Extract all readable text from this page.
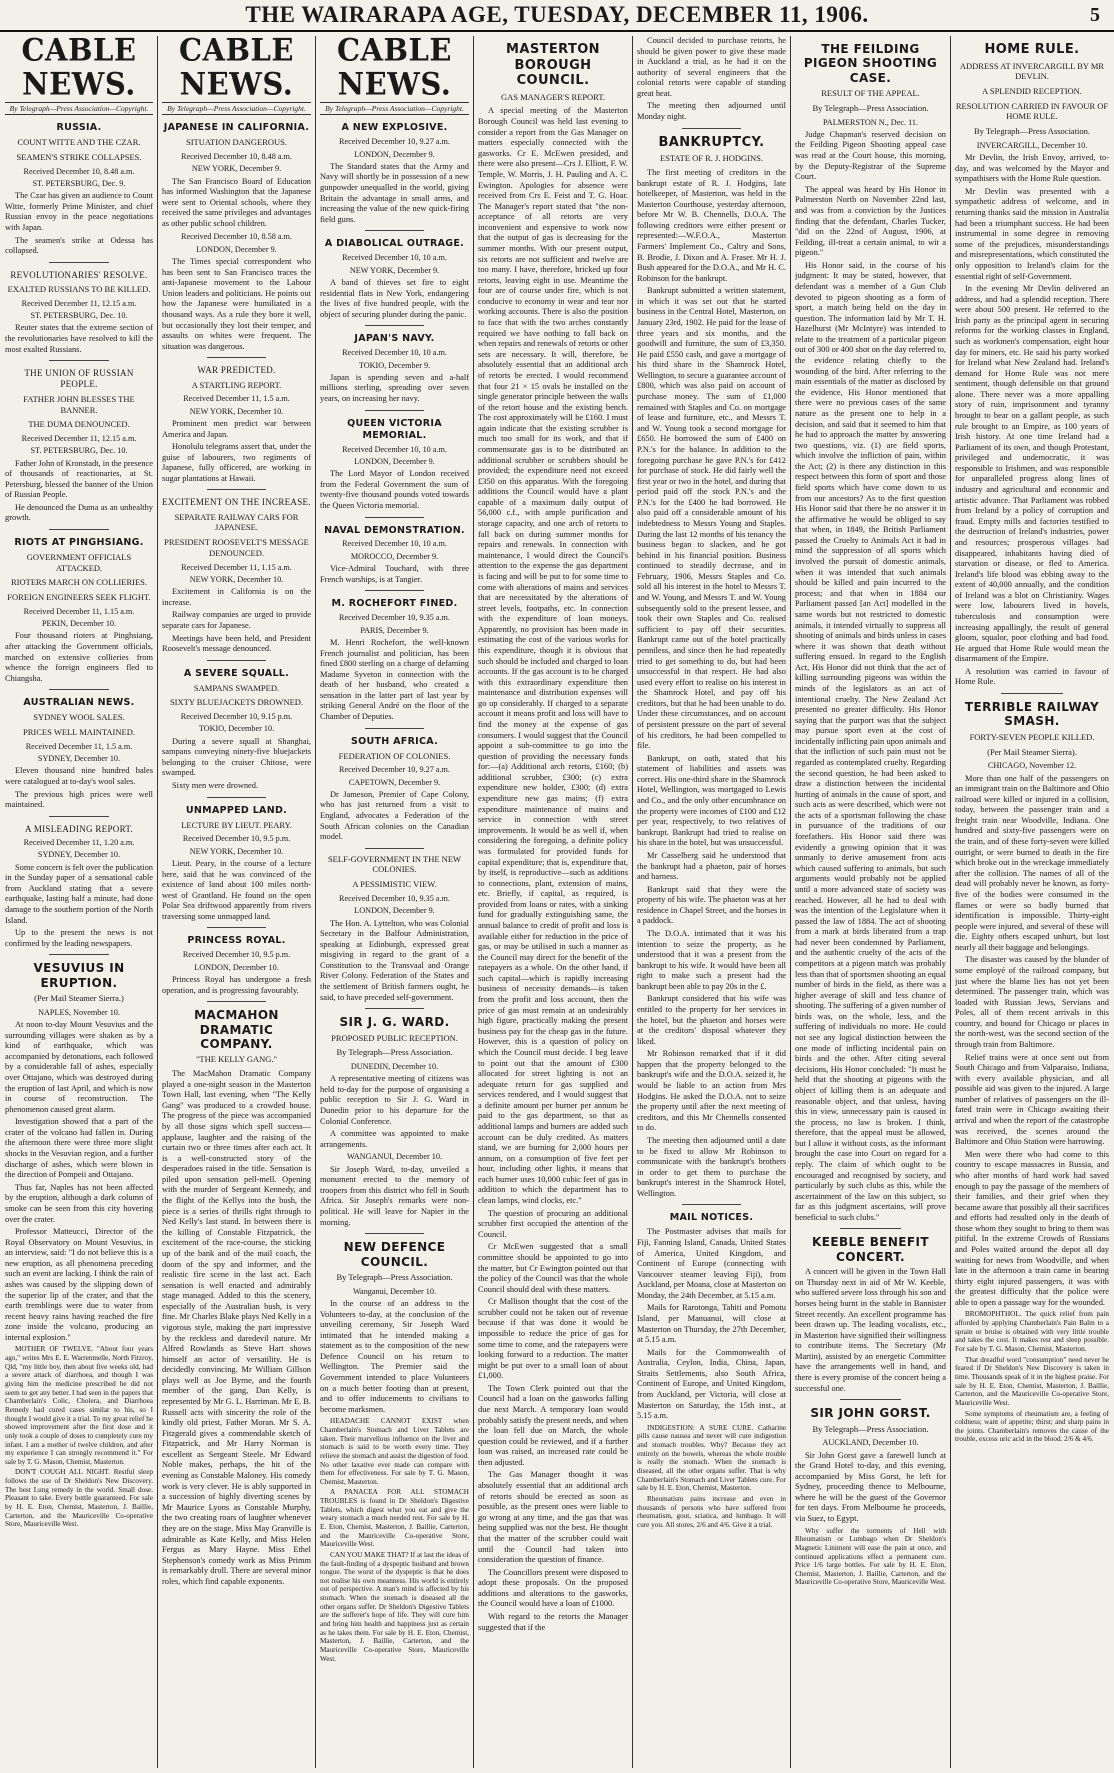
THE WAIRARAPA AGE, TUESDAY, DECEMBER 11, 1906.	5
CABLE NEWS.
By Telegraph—Press Association—Copyright.
RUSSIA.
COUNT WITTE AND THE CZAR.
SEAMEN'S STRIKE COLLAPSES.
Received December 10, 8.48 a.m.
ST. PETERSBURG, Dec. 9.
The Czar has given an audience to Count Witte, formerly Prime Minister, and chief Russian envoy in the peace negotiations with Japan.
The seamen's strike at Odessa has collapsed.
REVOLUTIONARIES' RESOLVE.
EXALTED RUSSIANS TO BE KILLED.
Received December 11, 12.15 a.m.
ST. PETERSBURG, Dec. 10.
Reuter states that the extreme section of the revolutionaries have resolved to kill the most exalted Russians.
THE UNION OF RUSSIAN PEOPLE.
FATHER JOHN BLESSES THE BANNER.
THE DUMA DENOUNCED.
Received December 11, 12.15 a.m.
ST. PETERSBURG, Dec. 10.
Father John of Kronstadt, in the presence of thousands of reactionaries, at St. Petersburg, blessed the banner of the Union of Russian People.
He denounced the Duma as an unhealthy growth.
RIOTS AT PINGHSIANG.
GOVERNMENT OFFICIALS ATTACKED.
RIOTERS MARCH ON COLLIERIES.
FOREIGN ENGINEERS SEEK FLIGHT.
Received December 11, 1.15 a.m.
PEKIN, December 10.
Four thousand rioters at Pinghsiang, after attacking the Government officials, marched on extensive collieries from whence the foreign engineers fled to Chiangsha.
AUSTRALIAN NEWS.
SYDNEY WOOL SALES.
PRICES WELL MAINTAINED.
Received December 11, 1.5 a.m.
SYDNEY, December 10.
Eleven thousand nine hundred bales were catalogued at to-day's wool sales.
The previous high prices were well maintained.
A MISLEADING REPORT.
Received December 11, 1.20 a.m.
SYDNEY, December 10.
Some concern is felt over the publication in the Sunday paper of a sensational cable from Auckland stating that a severe earthquake, lasting half a minute, had done damage to the southern portion of the North Island.
Up to the present the news is not confirmed by the leading newspapers.
VESUVIUS IN ERUPTION.
(Per Mail Steamer Sierra.)
NAPLES, November 10.
At noon to-day Mount Vesuvius and the surrounding villages were shaken as by a kind of earthquake, which was accompanied by detonations, each followed by a considerable fall of ashes, especially over Ottajano, which was destroyed during the eruption of last April, and which is now in course of reconstruction. The phenomenon caused great alarm.
Investigation showed that a part of the crater of the volcano had fallen in. During the afternoon there were three more slight shocks in the Vesuvian region, and a further discharge of ashes, which were blown in the direction of Pompeii and Ottajano.
Thus far, Naples has not been affected by the eruption, although a dark column of smoke can be seen from this city hovering over the crater.
Professor Matteucci, Director of the Royal Observatory on Mount Vesuvius, in an interview, said: "I do not believe this is a new eruption, as all phenomena preceding such an event are lacking. I think the rain of ashes was caused by the slipping down of the superior lip of the crater, and that the earth tremblings were due to water from recent heavy rains having reached the fire zone inside the volcano, producing an internal explosion."
MOTHER OF TWELVE. "About four years ago," writes Mrs E. E. Warrenmelle, North Fitzroy, Qld, "my little boy, then about five weeks old, had a severe attack of diarrhoea, and though I was giving him the medicine prescribed he did not seem to get any better. I had seen in the papers that Chamberlain's Colic, Cholera, and Diarrhoea Remedy had cured cases similar to his, so I thought I would give it a trial. To my great relief he showed improvement after the first dose and it only took a couple of doses to completely cure my infant. I am a mother of twelve children, and after my experience I can strongly recommend it." For sale by T. G. Mason, Chemist, Masterton.
DON'T COUGH ALL NIGHT. Restful sleep follows the use of Dr Sheldon's New Discovery. The best Lung remedy in the world. Small dose. Pleasant to take. Every bottle guaranteed. For sale by H. E. Eton, Chemist, Masterton, J. Baillie, Carterton, and the Mauriceville Co-operative Store, Mauriceville West.
CABLE NEWS.
By Telegraph—Press Association—Copyright.
JAPANESE IN CALIFORNIA.
SITUATION DANGEROUS.
Received December 10, 8.48 a.m.
NEW YORK, December 9.
The San Francisco Board of Education has informed Washington that the Japanese were sent to Oriental schools, where they received the same privileges and advantages as other public school children.
Received December 10, 8.58 a.m.
LONDON, December 9.
The Times special correspondent who has been sent to San Francisco traces the anti-Japanese movement to the Labour Union leaders and politicians. He points out how the Japanese were humiliated in a thousand ways. As a rule they bore it well, but occasionally they lost their temper, and assaults on whites were frequent. The situation was dangerous.
WAR PREDICTED.
A STARTLING REPORT.
Received December 11, 1.5 a.m.
NEW YORK, December 10.
Prominent men predict war between America and Japan.
Honolulu telegrams assert that, under the guise of labourers, two regiments of Japanese, fully officered, are working in sugar plantations at Hawaii.
EXCITEMENT ON THE INCREASE.
SEPARATE RAILWAY CARS FOR JAPANESE.
PRESIDENT ROOSEVELT'S MESSAGE DENOUNCED.
Received December 11, 1.15 a.m.
NEW YORK, December 10.
Excitement in California is on the increase.
Railway companies are urged to provide separate cars for Japanese.
Meetings have been held, and President Roosevelt's message denounced.
A SEVERE SQUALL.
SAMPANS SWAMPED.
SIXTY BLUEJACKETS DROWNED.
Received December 10, 9.15 p.m.
TOKIO, December 10.
During a severe squall at Shanghai, sampans conveying ninety-five bluejackets belonging to the cruiser Chitose, were swamped.
Sixty men were drowned.
UNMAPPED LAND.
LECTURE BY LIEUT. PEARY.
Received December 10, 9.5 p.m.
NEW YORK, December 10.
Lieut. Peary, in the course of a lecture here, said that he was convinced of the existence of land about 100 miles north-west of Grantland. He found on the open Polar Sea driftwood apparently from rivers traversing some unmapped land.
PRINCESS ROYAL.
Received December 10, 9.5 p.m.
LONDON, December 10.
Princess Royal has undergone a fresh operation, and is progressing favourably.
MACMAHON DRAMATIC COMPANY.
"THE KELLY GANG."
The MacMahon Dramatic Company played a one-night season in the Masterton Town Hall, last evening, when "The Kelly Gang" was produced to a crowded house. The progress of the piece was accompanied by all those signs which spell success—applause, laughter and the raising of the curtain two or three times after each act. It is a well-constructed story of the desperadoes raised in the title. Sensation is piled upon sensation pell-mell. Opening with the murder of Sergeant Kennedy, and the flight of the Kellys into the bush, the piece is a series of thrills right through to Ned Kelly's last stand. In between there is the killing of Constable Fitzpatrick, the excitement of the race-course, the sticking up of the bank and of the mail coach, the doom of the spy and informer, and the realistic fire scene in the last act. Each sensation is well enacted and admirably stage managed. Added to this the scenery, especially of the Australian bush, is very fine. Mr Charles Blake plays Ned Kelly in a vigorous style, making the part impressive by the reckless and daredevil nature. Mr Alfred Rowlands as Steve Hart shows himself an actor of versatility. He is decidedly convincing. Mr William Gillson plays well as Joe Byrne, and the fourth member of the gang, Dan Kelly, is represented by Mr G. L. Harriman. Mr E. B. Russell acts with sincerity the role of the kindly old priest, Father Moran. Mr S. A. Fitzgerald gives a commendable sketch of Fitzpatrick, and Mr Harry Norman is excellent as Sergeant Steele. Mr Edward Noble makes, perhaps, the hit of the evening as Constable Maloney. His comedy work is very clever. He is ably supported in a succession of highly diverting scenes by Mr Maurice Lyons as Constable Murphy, the two creating roars of laughter whenever they are on the stage. Miss May Granville is admirable as Kate Kelly, and Miss Helen Fergus as Mary Hayne. Miss Ethel Stephenson's comedy work as Miss Primm is remarkably droll. There are several minor roles, which find capable exponents.
CABLE NEWS.
By Telegraph—Press Association—Copyright.
A NEW EXPLOSIVE.
Received December 10, 9.27 a.m.
LONDON, December 9.
The Standard states that the Army and Navy will shortly be in possession of a new gunpowder unequalled in the world, giving Britain the advantage in small arms, and increasing the value of the new quick-firing field guns.
A DIABOLICAL OUTRAGE.
Received December 10, 10 a.m.
NEW YORK, December 9.
A band of thieves set fire to eight residential flats in New York, endangering the lives of five hundred people, with the object of securing plunder during the panic.
JAPAN'S NAVY.
Received December 10, 10 a.m.
TOKIO, December 9.
Japan is spending seven and a-half millions sterling, spreading over seven years, on increasing her navy.
QUEEN VICTORIA MEMORIAL.
Received December 10, 10 a.m.
LONDON, December 9.
The Lord Mayor of London received from the Federal Government the sum of twenty-five thousand pounds voted towards the Queen Victoria memorial.
NAVAL DEMONSTRATION.
Received December 10, 10 a.m.
MOROCCO, December 9.
Vice-Admiral Touchard, with three French warships, is at Tangier.
M. ROCHEFORT FINED.
Received December 10, 9.35 a.m.
PARIS, December 9.
M. Henri Rochefort, the well-known French journalist and politician, has been fined £800 sterling on a charge of defaming Madame Syveton in connection with the death of her husband, who created a sensation in the latter part of last year by striking General André on the floor of the Chamber of Deputies.
SOUTH AFRICA.
FEDERATION OF COLONIES.
Received December 10, 9.27 a.m.
CAPETOWN, December 9.
Dr Jameson, Premier of Cape Colony, who has just returned from a visit to England, advocates a Federation of the South African colonies on the Canadian model.
SELF-GOVERNMENT IN THE NEW COLONIES.
A PESSIMISTIC VIEW.
Received December 10, 9.35 a.m.
LONDON, December 9.
The Hon. A. Lyttelton, who was Colonial Secretary in the Balfour Administration, speaking at Edinburgh, expressed great misgiving in regard to the grant of a Constitution to the Transvaal and Orange River Colony. Federation of the States and the settlement of British farmers ought, he said, to have preceded self-government.
SIR J. G. WARD.
PROPOSED PUBLIC RECEPTION.
By Telegraph—Press Association.
DUNEDIN, December 10.
A representative meeting of citizens was held to-day for the purpose of organising a public reception to Sir J. G. Ward in Dunedin prior to his departure for the Colonial Conference.
A committee was appointed to make arrangements.
WANGANUI, December 10.
Sir Joseph Ward, to-day, unveiled a monument erected to the memory of troopers from this district who fell in South Africa. Sir Joseph's remarks were non-political. He will leave for Napier in the morning.
NEW DEFENCE COUNCIL.
By Telegraph—Press Association.
Wanganui, December 10.
In the course of an address to the Volunteers to-day, at the conclusion of the unveiling ceremony, Sir Joseph Ward intimated that he intended making a statement as to the composition of the new Defence Council on his return to Wellington. The Premier said the Government intended to place Volunteers on a much better footing than at present, and to offer inducements to civilians to become marksmen.
HEADACHE CANNOT EXIST when Chamberlain's Stomach and Liver Tablets are taken. Their marvellous influence on the liver and stomach is said to be worth every time. They relieve the stomach and assist the digestion of food. No other laxative ever made can compare with them for effectiveness. For sale by T. G. Mason, Chemist, Masterton.
A PANACEA FOR ALL STOMACH TROUBLES is found in Dr Sheldon's Digestive Tablets, which digest what you eat and give the weary stomach a much needed rest. For sale by H. E. Eton, Chemist, Masterton, J. Baillie, Carterton, and the Mauriceville Co-operative Store, Mauriceville West.
CAN YOU MAKE THAT? If at last the ideas of the fault-finding of a dyspeptic husband and brown tongue. The worst of the dyspeptic is that he does not realise his own meanness. His world is entirely out of perspective. A man's mind is affected by his stomach. When the stomach is diseased all the other organs suffer. Dr Sheldon's Digestive Tablets are the sufferer's hope of life. They will cure him and bring him health and happiness just as certain as he takes them. For sale by H. E. Eton, Chemist, Masterton, J. Baillie, Carterton, and the Mauriceville Co-operative Store, Mauriceville West.
MASTERTON BOROUGH COUNCIL.
GAS MANAGER'S REPORT.
A special meeting of the Masterton Borough Council was held last evening to consider a report from the Gas Manager on matters especially connected with the gasworks. Cr E. McEwen presided, and there were also present—Crs J. Elliott, F. W. Temple, W. Morris, J. H. Pauling and A. C. Ewington. Apologies for absence were received from Crs E. Feist and T. G. Hoar. The Manager's report stated that "the non-acceptance of all retorts are very inconvenient and expensive to work now that the output of gas is decreasing for the summer months. With our present output, six retorts are not sufficient and twelve are too many. I have, therefore, bricked up four retorts, leaving eight in use. Meantime the four are of course under fire, which is not conducive to economy in wear and tear nor working accounts. There is also the position to face that with the two arches constantly required we have nothing to fall back on when repairs and renewals of retorts or other sets are necessary. It will, therefore, be absolutely essential that an additional arch of retorts be erected. I would recommend that four 21 × 15 ovals be installed on the single generator principle between the walls of the retort house and the existing bench. The cost approximately will be £160. I must again indicate that the existing scrubber is much too small for its work, and that if commensurate gas is to be distributed an additional scrubber or scrubbers should be provided; the expenditure need not exceed £350 on this apparatus. With the foregoing additions the Council would have a plant capable of a maximum daily output of 56,000 c.f., with ample purification and storage capacity, and one arch of retorts to fall back on during summer months for repairs and renewals. In connection with maintenance, I would direct the Council's attention to the expense the gas department is facing and will be put to for some time to come with alterations of mains and services that are necessitated by the alterations of street levels, footpaths, etc. In connection with the expenditure of loan moneys. Apparently, no provision has been made in estimating the cost of the various works for this expenditure, though it is obvious that such should be included and charged to loan accounts. If the gas account is to be charged with this extraordinary expenditure then maintenance and distribution expenses will go up considerably. If charged to a separate account it means profit and loss will have to find the money at the expense of gas consumers. I would suggest that the Council appoint a sub-committee to go into the question of providing the necessary funds for:—(a) Additional arch retorts, £160; (b) additional scrubber, £300; (c) extra expenditure new holder, £300; (d) extra expenditure new gas mains; (f) extra expenditure maintenance of mains and service in connection with street improvements. It would be as well if, when considering the foregoing, a definite policy was formulated for provided funds for capital expenditure; that is, expenditure that, by itself, is reproductive—such as additions to connections, plant, extension of mains, etc. Briefly, if capital, as required, is provided from loans or rates, with a sinking fund for gradually extinguishing same, the annual balance to credit of profit and loss is available either for reduction in the price of gas, or may be utilised in such a manner as the Council may direct for the benefit of the ratepayers as a whole. On the other hand, if such capital—which is rapidly increasing business of necessity demands—is taken from the profit and loss account, then the price of gas must remain at an undesirably high figure, practically making the present business pay for the cheap gas in the future. However, this is a question of policy on which the Council must decide. I beg leave to point out that the amount of £300 allocated for street lighting is not an adequate return for gas supplied and services rendered, and I would suggest that a definite amount per burner per annum be paid to the gas department, so that as additional lamps and burners are added such account can be duly credited. As matters stand, we are burning for 2,000 hours per annum, on a consumption of five feet per hour, including other lights, it means that each burner uses 10,000 cubic feet of gas in addition to which the department has to clean lamps, wind clocks, etc."
The question of procuring an additional scrubber first occupied the attention of the Council.
Cr McEwen suggested that a small committee should be appointed to go into the matter, but Cr Ewington pointed out that the policy of the Council was that the whole Council should deal with these matters.
Cr Mallison thought that the cost of the scrubber could not be taken out of revenue because if that was done it would be impossible to reduce the price of gas for some time to come, and the ratepayers were looking forward to a reduction. The matter might be put over to a small loan of about £1,000.
The Town Clerk pointed out that the Council had a loan on the gasworks falling due next March. A temporary loan would probably satisfy the present needs, and when the loan fell due on March, the whole question could be reviewed, and if a further loan was raised, an increased rate could be then adjusted.
The Gas Manager thought it was absolutely essential that an additional arch of retorts should be erected as soon as possible, as the present ones were liable to go wrong at any time, and the gas that was being supplied was not the best. He thought that the matter of the scrubber could wait until the Council had taken into consideration the question of finance.
The Councillors present were disposed to adopt these proposals. On the proposed additions and alterations to the gasworks, the Council would have a loan of £1000.
With regard to the retorts the Manager suggested that if the
Council decided to purchase retorts, he should be given power to give these made in Auckland a trial, as he had it on the authority of several engineers that the colonial retorts were capable of standing great heat.
The meeting then adjourned until Monday night.
BANKRUPTCY.
ESTATE OF R. J. HODGINS.
The first meeting of creditors in the bankrupt estate of R. J. Hodgins, late hotelkeeper, of Masterton, was held in the Masterton Courthouse, yesterday afternoon, before Mr W. B. Chennells, D.O.A. The following creditors were either present or represented:—W.F.O.A., Masterton Farmers' Implement Co., Caltry and Sons, B. Brodie, J. Dixon and A. Fraser. Mr H. J. Bush appeared for the D.O.A., and Mr H. C. Robinson for the bankrupt.
Bankrupt submitted a written statement, in which it was set out that he started business in the Central Hotel, Masterton, on January 23rd, 1902. He paid for the lease of three years and six months, and the goodwill and furniture, the sum of £3,350. He paid £550 cash, and gave a mortgage of his third share in the Shamrock Hotel, Wellington, to secure a guarantee account of £800, which was also paid on account of purchase money. The sum of £1,000 remained with Staples and Co. on mortgage of lease and furniture, etc., and Messrs T. and W. Young took a second mortgage for £650. He borrowed the sum of £400 on P.N.'s for the balance. In addition to the foregoing purchase he gave P.N.'s for £412 for purchase of stock. He did fairly well the first year or two in the hotel, and during that period paid off the stock P.N.'s and the P.N.'s for the £400 he had borrowed. He also paid off a considerable amount of his indebtedness to Messrs Young and Staples. During the last 12 months of his tenancy the business began to slacken, and he got behind in his financial position. Business continued to steadily decrease, and in February, 1906, Messrs Staples and Co. sold all his interest in the hotel to Messrs T. and W. Young, and Messrs T. and W. Young subsequently sold to the present lessee, and took their own Staples and Co. realised sufficient to pay off their securities. Bankrupt came out of the hotel practically penniless, and since then he had repeatedly tried to get something to do, but had been unsuccessful in that respect. He had also used every effort to realise on his interest in the Shamrock Hotel, and pay off his creditors, but that he had been unable to do. Under these circumstances, and on account of persistent pressure on the part of several of his creditors, he had been compelled to file.
Bankrupt, on oath, stated that his statement of liabilities and assets was correct. His one-third share in the Shamrock Hotel, Wellington, was mortgaged to Lewis and Co., and the only other encumbrance on the property were incomes of £100 and £12 per year, respectively, to two relatives of bankrupt. Bankrupt had tried to realise on his share in the hotel, but was unsuccessful.
Mr Casselberg said he understood that the bankrupt had a phaeton, pair of horses and harness.
Bankrupt said that they were the property of his wife. The phaeton was at her residence in Chapel Street, and the horses in a paddock.
The D.O.A. intimated that it was his intention to seize the property, as he understood that it was a present from the bankrupt to his wife. It would have been all right to make such a present had the bankrupt been able to pay 20s in the £.
Bankrupt considered that his wife was entitled to the property for her services in the hotel, but the phaeton and horses were at the creditors' disposal whatever they liked.
Mr Robinson remarked that if it did happen that the property belonged to the bankrupt's wife and the D.O.A. seized it, he would be liable to an action from Mrs Hodgins. He asked the D.O.A. not to seize the property until after the next meeting of creditors, and this Mr Chennells consented to do.
The meeting then adjourned until a date to be fixed to allow Mr Robinson to communicate with the bankrupt's brothers in order to get them to purchase the bankrupt's interest in the Shamrock Hotel, Wellington.
MAIL NOTICES.
The Postmaster advises that mails for Fiji, Fanning Island, Canada, United States of America, United Kingdom, and Continent of Europe (connecting with Vancouver steamer leaving Fiji), from Auckland, per Moana, close at Masterton on Monday, the 24th December, at 5.15 a.m.
Mails for Rarotonga, Tahiti and Pomotu Island, per Manuanui, will close at Masterton on Thursday, the 27th December, at 5.15 a.m.
Mails for the Commonwealth of Australia, Ceylon, India, China, Japan, Straits Settlements, also South Africa, Continent of Europe, and United Kingdom, from Auckland, per Victoria, will close at Masterton on Saturday, the 15th inst., at 5.15 a.m.
INDIGESTION: A SURE CURE. Catharine pills cause nausea and never will cure indigestion and stomach troubles. Why? Because they act entirely on the bowels, whereas the whole trouble is really the stomach. When the stomach is diseased, all the other organs suffer. That is why Chamberlain's Stomach and Liver Tablets cure. For sale by H. E. Eton, Chemist, Masterton.
Rheumatism pains increase and even in thousands of persons who have suffered from rheumatism, gout, sciatica, and lumbago. It will cure you. All stores, 2/6 and 4/6. Give it a trial.
THE FEILDING PIGEON SHOOTING CASE.
RESULT OF THE APPEAL.
By Telegraph—Press Association.
PALMERSTON N., Dec. 11.
Judge Chapman's reserved decision on the Feilding Pigeon Shooting appeal case was read at the Court house, this morning, by the Deputy-Registrar of the Supreme Court.
The appeal was heard by His Honor in Palmerston North on November 22nd last, and was from a conviction by the Justices finding that the defendant, Charles Tucker, "did on the 22nd of August, 1906, at Feilding, ill-treat a certain animal, to wit a pigeon."
His Honor said, in the course of his judgment: It may be stated, however, that defendant was a member of a Gun Club devoted to pigeon shooting as a form of sport, a match being held on the day in question. The information laid by Mr T. H. Hazelhurst (Mr McIntyre) was intended to relate to the treatment of a particular pigeon out of 300 or 400 shot on the day referred to, the evidence relating chiefly to the wounding of the bird. After referring to the main essentials of the matter as disclosed by the evidence, His Honor mentioned that there were no previous cases of the same nature as the present one to help in a decision, and said that it seemed to him that he had to approach the matter by answering two questions, viz. (1) are field sports, which involve the infliction of pain, within the Act; (2) is there any distinction in this respect between this form of sport and those field sports which have come down to us from our ancestors? As to the first question His Honor said that there be no answer it in the affirmative he would be obliged to say that when, in 1849, the British Parliament passed the Cruelty to Animals Act it had in mind the suppression of all sports which involved the pursuit of domestic animals, when it was intended that such animals should be killed and pain incurred to the process; and that when in 1884 our Parliament passed [an Act] modelled in the same words but not restricted to domestic animals, it intended virtually to suppress all shooting of animals and birds unless in cases where it was shown that death without suffering ensued. In regard to the English Act, His Honor did not think that the act of killing surrounding pigeons was within the minds of the legislators as an act of intentional cruelty. The New Zealand Act presented no greater difficulty. His Honor saying that the purport was that the subject may pursue sport even at the cost of incidentally inflicting pain upon animals and that the infliction of such pain must not be regarded as contemplated cruelty. Regarding the second question, he had been asked to draw a distinction between the incidental hurting of animals in the cause of sport, and such acts as were described, which were not the acts of a sportsman following the chase in pursuance of the traditions of our forefathers. His Honor said there was evidently a growing opinion that it was unmanly to derive amusement from acts which caused suffering to animals, but such arguments would probably not be applied until a more advanced state of society was reached. However, all he had to deal with was the intention of the Legislature when it passed the law of 1884. The act of shooting from a mark at birds liberated from a trap had never been condemned by Parliament, and the authentic cruelty of the acts of the competitors at a pigeon match was probably less than that of sportsmen shooting an equal number of birds in the field, as there was a higher average of skill and less chance of shooting. The suffering of a given number of birds was, on the whole, less, and the suffering of individuals no more. He could not see any logical distinction between the one mode of inflicting incidental pain on birds and the other. After citing several decisions, His Honor concluded: "It must be held that the shooting at pigeons with the object of killing them is an adequate and reasonable object, and that unless, having this in view, unnecessary pain is caused in the process, no law is broken. I think, therefore, that the appeal must be allowed, but I allow it without costs, as the informant brought the case into Court on regard for a reply. The claim of which ought to be encouraged and recognised by society, and particularly by such clubs as this, while the ascertainment of the law on this subject, so far as this judgment ascertains, will prove beneficial to such clubs."
KEEBLE BENEFIT CONCERT.
A concert will be given in the Town Hall on Thursday next in aid of Mr W. Keeble, who suffered severe loss through his son and horses being burnt in the stable in Bannister Street recently. An excellent programme has been drawn up. The leading vocalists, etc., in Masterton have signified their willingness to contribute items. The Secretary (Mr Martin), assisted by an energetic Committee have the arrangements well in hand, and there is every promise of the concert being a successful one.
SIR JOHN GORST.
By Telegraph—Press Association.
AUCKLAND, December 10.
Sir John Gorst gave a farewell lunch at the Grand Hotel to-day, and this evening, accompanied by Miss Gorst, he left for Sydney, proceeding thence to Melbourne, where he will be the guest of the Governor for ten days. From Melbourne he proceeds, via Suez, to Egypt.
Why suffer the torments of Hell with Rheumatism or Lumbago when Dr Sheldon's Magnetic Liniment will ease the pain at once, and continued applications effect a permanent cure. Price 1/6 large bottles. For sale by H. E. Eton, Chemist, Masterton, J. Baillie, Carterton, and the Mauriceville Co-operative Store, Mauriceville West.
HOME RULE.
ADDRESS AT INVERCARGILL BY MR DEVLIN.
A SPLENDID RECEPTION.
RESOLUTION CARRIED IN FAVOUR OF HOME RULE.
By Telegraph—Press Association.
INVERCARGILL, December 10.
Mr Devlin, the Irish Envoy, arrived, to-day, and was welcomed by the Mayor and sympathisers with the Home Rule question.
Mr Devlin was presented with a sympathetic address of welcome, and in returning thanks said the mission in Australia had been a triumphant success. He had been instrumental in some degree in removing some of the prejudices, misunderstandings and misrepresentations, which constituted the only opposition to Ireland's claim for the essential right of self-Government.
In the evening Mr Devlin delivered an address, and had a splendid reception. There were about 500 present. He referred to the Irish party as the principal agent in securing reforms for the working classes in England, such as workmen's compensation, eight hour day for miners, etc. He said his party worked for Ireland what New Zealand had. Ireland's demand for Home Rule was not mere sentiment, though defensible on that ground alone. There never was a more appalling story of ruin, imprisonment and tyranny brought to bear on a gallant people, as such rule brought to an Empire, as 100 years of Irish history. At one time Ireland had a Parliament of its own, and though Protestant, privileged and undemocratic, it was responsible to Irishmen, and was responsible for unparalleled progress along lines of industry and agricultural and economic and artistic advance. That Parliament was robbed from Ireland by a policy of corruption and fraud. Empty mills and factories testified to the destruction of Ireland's industries, power and resources; prosperous villages had disappeared, inhabitants having died of starvation or disease, or fled to America. Ireland's life blood was ebbing away to the extent of 40,000 annually, and the condition of Ireland was a blot on Christianity. Wages were low, labourers lived in hovels, tuberculosis and consumption were increasing appallingly, the result of general gloom, squalor, poor clothing and bad food. He argued that Home Rule would mean the disarmament of the Empire.
A resolution was carried in favour of Home Rule.
TERRIBLE RAILWAY SMASH.
FORTY-SEVEN PEOPLE KILLED.
(Per Mail Steamer Sierra).
CHICAGO, November 12.
More than one half of the passengers on an immigrant train on the Baltimore and Ohio railroad were killed or injured in a collision, today, between the passenger train and a freight train near Woodville, Indiana. One hundred and sixty-five passengers were on the train, and of these forty-seven were killed outright, or were burned to death in the fire which broke out in the wreckage immediately after the collision. The names of all of the dead will probably never be known, as forty-five of the bodies were consumed in the flames or were so badly burned that identification is impossible. Thirty-eight people were injured, and several of these will die. Eighty others escaped unhurt, but lost nearly all their baggage and belongings.
The disaster was caused by the blunder of some employé of the railroad company, but just where the blame lies has not yet been determined. The passenger train, which was loaded with Russian Jews, Servians and Poles, all of them recent arrivals in this country, and bound for Chicago or places in the north-west, was the second section of the through train from Baltimore.
Relief trains were at once sent out from South Chicago and from Valparaiso, Indiana, with every available physician, and all possible aid was given to the injured. A large number of relatives of passengers on the ill-fated train were in Chicago awaiting their arrival and when the report of the catastrophe was received, the scenes around the Baltimore and Ohio Station were harrowing.
Men were there who had come to this country to escape massacres in Russia, and who after months of hard work had saved enough to pay the passage of the members of their families, and their grief when they became aware that possibly all their sacrifices and efforts had resulted only in the death of those whom they sought to bring to them was pitiful. In the extreme Crowds of Russians and Poles waited around the depot all day waiting for news from Woodville, and when late in the afternoon a train came in bearing thirty eight injured passengers, it was with the greatest difficulty that the police were able to open a passage way for the wounded.
BROMOPHTHOL. The quick relief from pain afforded by applying Chamberlain's Pain Balm to a sprain or bruise is obtained with very little trouble and takes the cost. It makes rest and sleep possible. For sale by T. G. Mason, Chemist, Masterton.
That dreadful word "consumption" need never be feared if Dr Sheldon's New Discovery is taken in time. Thousands speak of it in the highest praise. For sale by H. E. Eton, Chemist, Masterton, J. Baillie, Carterton, and the Mauriceville Co-operative Store, Mauriceville West.
Some symptoms of rheumatism are, a feeling of coldness; want of appetite; thirst; and sharp pains in the joints. Chamberlain's removes the cause of the trouble, excess uric acid in the blood. 2/6 & 4/6.
